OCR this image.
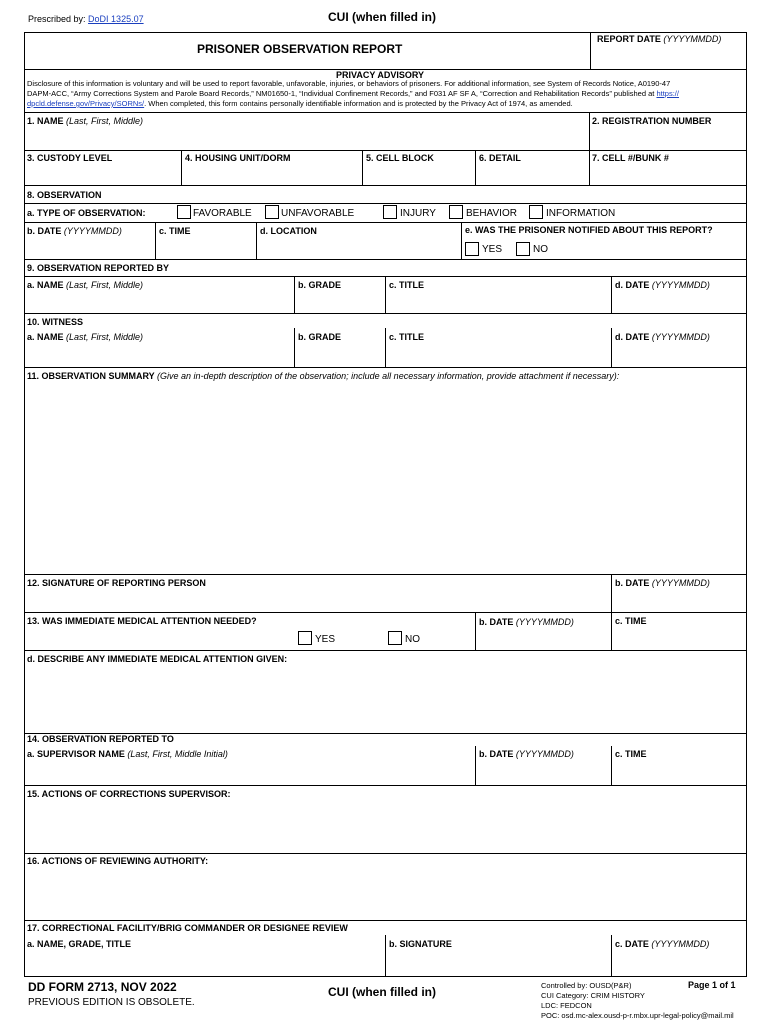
Prescribed by: DoDI 1325.07	CUI (when filled in)
PRISONER OBSERVATION REPORT
REPORT DATE (YYYYMMDD)
PRIVACY ADVISORY
Disclosure of this information is voluntary and will be used to report favorable, unfavorable, injuries, or behaviors of prisoners. For additional information, see System of Records Notice, A0190-47
DAPM-ACC, “Army Corrections System and Parole Board Records,” NM01650-1, “Individual Confinement Records,” and F031 AF SF A, “Correction and Rehabilitation Records” published at https://
dpcld.defense.gov/Privacy/SORNs/. When completed, this form contains personally identifiable information and is protected by the Privacy Act of 1974, as amended.
1. NAME (Last, First, Middle)	2. REGISTRATION NUMBER
3. CUSTODY LEVEL	4. HOUSING UNIT/DORM	5. CELL BLOCK	6. DETAIL	7. CELL #/BUNK #
8. OBSERVATION
a. TYPE OF OBSERVATION:	FAVORABLE	UNFAVORABLE	INJURY	BEHAVIOR	INFORMATION
b. DATE (YYYYMMDD)	c. TIME	d. LOCATION	e. WAS THE PRISONER NOTIFIED ABOUT THIS REPORT?
YES	NO
9. OBSERVATION REPORTED BY
a. NAME (Last, First, Middle)	b. GRADE	c. TITLE	d. DATE (YYYYMMDD)
10. WITNESS
a. NAME (Last, First, Middle)	b. GRADE	c. TITLE	d. DATE (YYYYMMDD)
11. OBSERVATION SUMMARY (Give an in-depth description of the observation; include all necessary information, provide attachment if necessary):
12. SIGNATURE OF REPORTING PERSON	b. DATE (YYYYMMDD)
13. WAS IMMEDIATE MEDICAL ATTENTION NEEDED?
YES	NO
b. DATE (YYYYMMDD)	c. TIME
d. DESCRIBE ANY IMMEDIATE MEDICAL ATTENTION GIVEN:
14. OBSERVATION REPORTED TO
a. SUPERVISOR NAME (Last, First, Middle Initial)	b. DATE (YYYYMMDD)	c. TIME
15. ACTIONS OF CORRECTIONS SUPERVISOR:
16. ACTIONS OF REVIEWING AUTHORITY:
17. CORRECTIONAL FACILITY/BRIG COMMANDER OR DESIGNEE REVIEW
a. NAME, GRADE, TITLE	b. SIGNATURE	c. DATE (YYYYMMDD)
DD FORM 2713, NOV 2022
PREVIOUS EDITION IS OBSOLETE.
CUI (when filled in)	Controlled by: OUSD(P&R)
CUI Category: CRIM HISTORY
LDC: FEDCON
POC: osd.mc-alex.ousd-p-r.mbx.upr-legal-policy@mail.mil
Page 1 of 1
